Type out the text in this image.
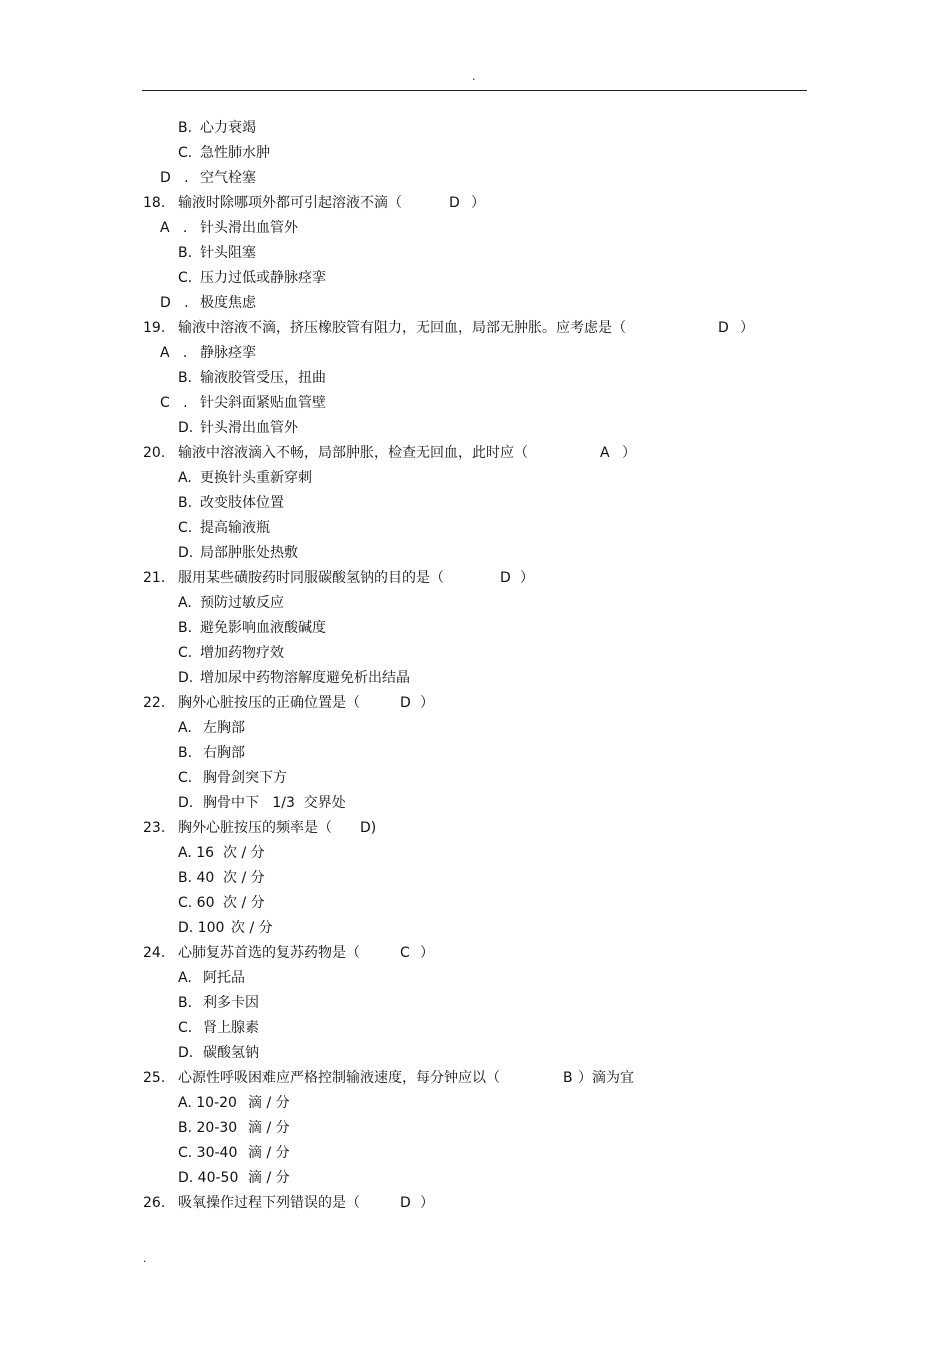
.
B. 心力衰竭
C. 急性肺水肿
D   . 空气栓塞
18. 输液时除哪项外都可引起溶液不滴（	D ）
A   . 针头滑出血管外
B. 针头阻塞
C. 压力过低或静脉痉挛
D   . 极度焦虑
19. 输液中溶液不滴，挤压橡胶管有阻力，无回血，局部无肿胀。应考虑是（	D ）
A   . 静脉痉挛
B. 输液胶管受压，扭曲
C   . 针尖斜面紧贴血管壁
D. 针头滑出血管外
20. 输液中溶液滴入不畅，局部肿胀，检查无回血，此时应（	A ）
A. 更换针头重新穿刺
B. 改变肢体位置
C. 提高输液瓶
D. 局部肿胀处热敷
21. 服用某些磺胺药时同服碳酸氢钠的目的是（	D ）
A. 预防过敏反应
B. 避免影响血液酸碱度
C. 增加药物疗效
D. 增加尿中药物溶解度避免析出结晶
22. 胸外心脏按压的正确位置是（	D ）
A. 左胸部
B. 右胸部
C. 胸骨剑突下方
D. 胸骨中下   1/3  交界处
23. 胸外心脏按压的频率是（ D)
A. 16 次 / 分
B. 40 次 / 分
C. 60 次 / 分
D. 100 次 / 分
24. 心肺复苏首选的复苏药物是（	C ）
A. 阿托品
B. 利多卡因
C. 肾上腺素
D. 碳酸氢钠
25. 心源性呼吸困难应严格控制输液速度，每分钟应以（	B ）滴为宜
A. 10-20 滴 / 分
B. 20-30 滴 / 分
C. 30-40 滴 / 分
D. 40-50 滴 / 分
26. 吸氧操作过程下列错误的是（	D ）
.
